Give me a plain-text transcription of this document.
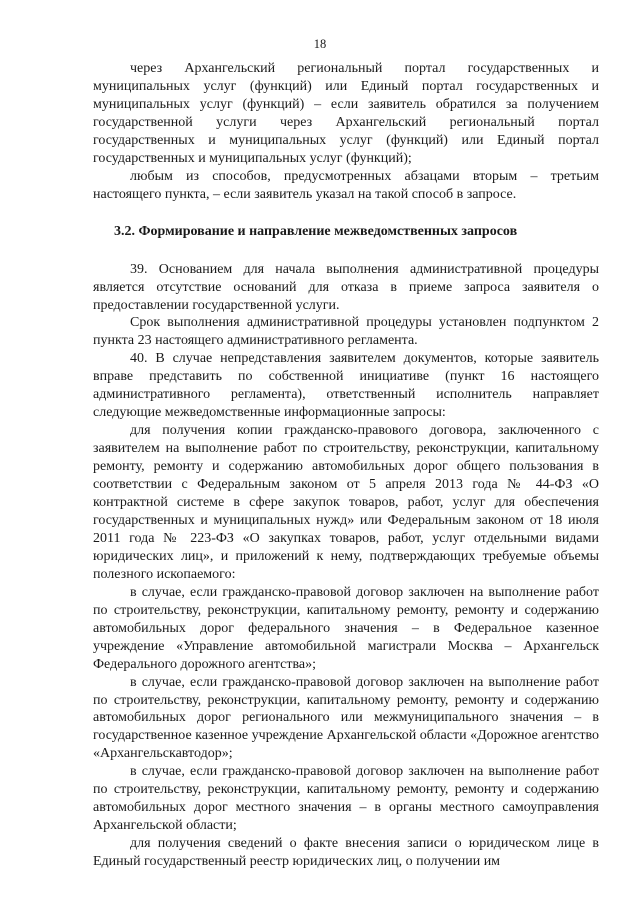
18

через Архангельский региональный портал государственных и муниципальных услуг (функций) или Единый портал государственных и муниципальных услуг (функций) – если заявитель обратился за получением государственной услуги через Архангельский региональный портал государственных и муниципальных услуг (функций) или Единый портал государственных и муниципальных услуг (функций);

любым из способов, предусмотренных абзацами вторым – третьим настоящего пункта, – если заявитель указал на такой способ в запросе.

3.2. Формирование и направление межведомственных запросов

39. Основанием для начала выполнения административной процедуры является отсутствие оснований для отказа в приеме запроса заявителя о предоставлении государственной услуги.

Срок выполнения административной процедуры установлен подпунктом 2 пункта 23 настоящего административного регламента.

40. В случае непредставления заявителем документов, которые заявитель вправе представить по собственной инициативе (пункт 16 настоящего административного регламента), ответственный исполнитель направляет следующие межведомственные информационные запросы:

для получения копии гражданско-правового договора, заключенного с заявителем на выполнение работ по строительству, реконструкции, капитальному ремонту, ремонту и содержанию автомобильных дорог общего пользования в соответствии с Федеральным законом от 5 апреля 2013 года № 44-ФЗ «О контрактной системе в сфере закупок товаров, работ, услуг для обеспечения государственных и муниципальных нужд» или Федеральным законом от 18 июля 2011 года № 223-ФЗ «О закупках товаров, работ, услуг отдельными видами юридических лиц», и приложений к нему, подтверждающих требуемые объемы полезного ископаемого:

в случае, если гражданско-правовой договор заключен на выполнение работ по строительству, реконструкции, капитальному ремонту, ремонту и содержанию автомобильных дорог федерального значения – в Федеральное казенное учреждение «Управление автомобильной магистрали Москва – Архангельск Федерального дорожного агентства»;

в случае, если гражданско-правовой договор заключен на выполнение работ по строительству, реконструкции, капитальному ремонту, ремонту и содержанию автомобильных дорог регионального или межмуниципального значения – в государственное казенное учреждение Архангельской области «Дорожное агентство «Архангельскавтодор»;

в случае, если гражданско-правовой договор заключен на выполнение работ по строительству, реконструкции, капитальному ремонту, ремонту и содержанию автомобильных дорог местного значения – в органы местного самоуправления Архангельской области;

для получения сведений о факте внесения записи о юридическом лице в Единый государственный реестр юридических лиц, о получении им
